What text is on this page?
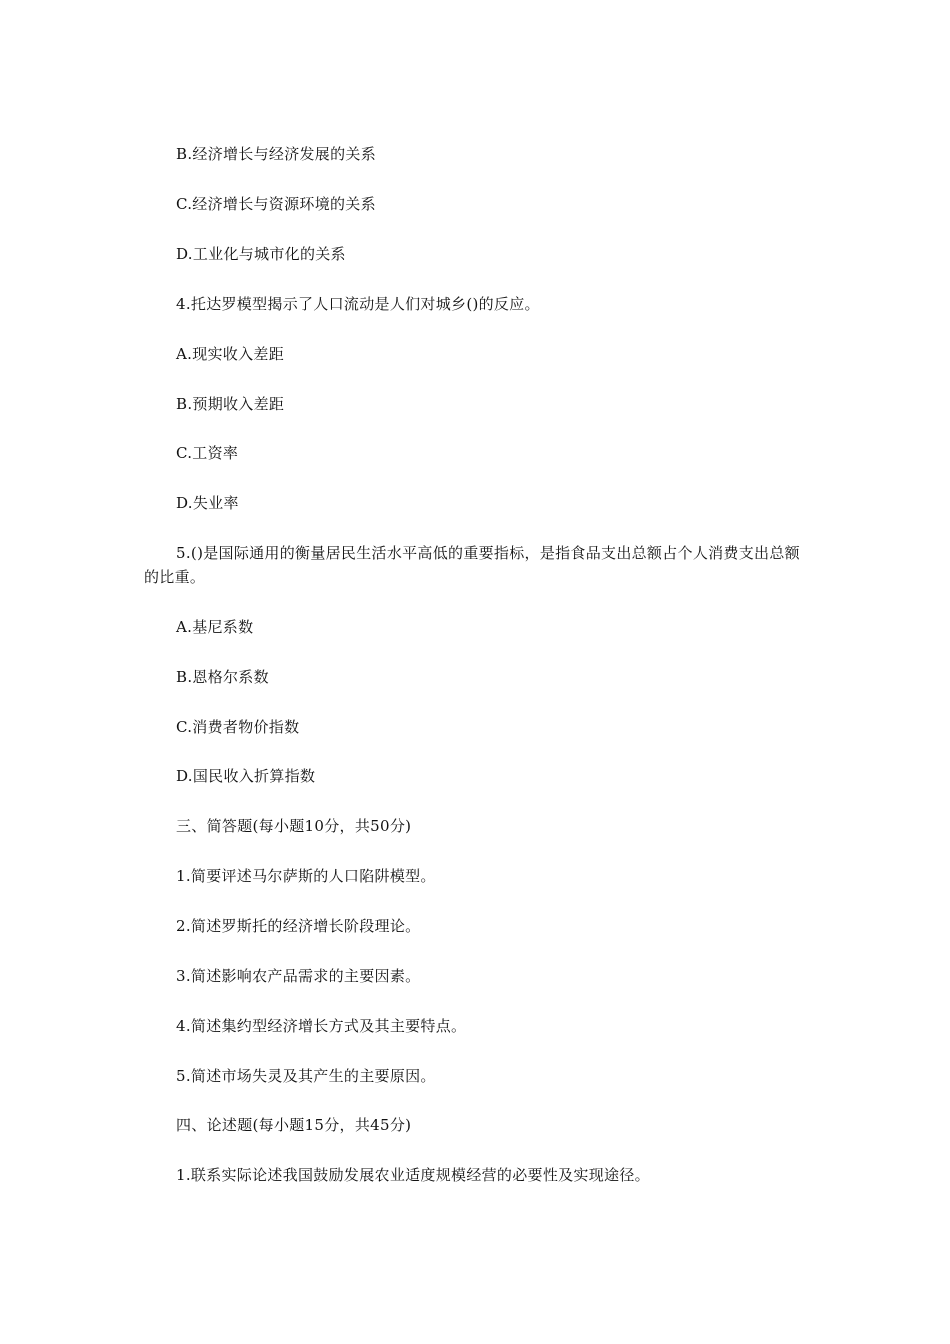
B.经济增长与经济发展的关系
C.经济增长与资源环境的关系
D.工业化与城市化的关系
4.托达罗模型揭示了人口流动是人们对城乡()的反应。
A.现实收入差距
B.预期收入差距
C.工资率
D.失业率
5.()是国际通用的衡量居民生活水平高低的重要指标，是指食品支出总额占个人消费支出总额的比重。
A.基尼系数
B.恩格尔系数
C.消费者物价指数
D.国民收入折算指数
三、简答题(每小题10分，共50分)
1.简要评述马尔萨斯的人口陷阱模型。
2.简述罗斯托的经济增长阶段理论。
3.简述影响农产品需求的主要因素。
4.简述集约型经济增长方式及其主要特点。
5.简述市场失灵及其产生的主要原因。
四、论述题(每小题15分，共45分)
1.联系实际论述我国鼓励发展农业适度规模经营的必要性及实现途径。
